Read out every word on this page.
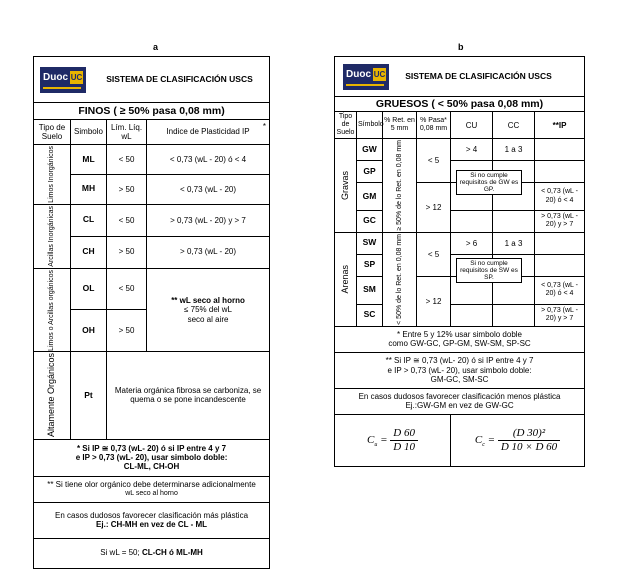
a	b
Duoc UC SISTEMA DE CLASIFICACIÓN USCS			
FINOS ( ≥ 50% pasa 0,08 mm)			
Tipo de Suelo	Simbolo	Lím. Líq. wL	Indice de Plasticidad IP
*

Limos Inorgánicos	ML	< 50	< 0,73 (wL - 20) ó < 4
	MH	> 50	< 0,73 (wL - 20)

Arcillas Inorgánicas	CL	< 50	> 0,73 (wL - 20) y > 7
	CH	> 50	> 0,73 (wL - 20)

Limos o Arcillas orgánicos	OL	< 50	** wL seco al horno
≤ 75% del wL
seco al aire

	OH	> 50	

Altamente Orgánicos	Pt	Materia orgánica fibrosa se carboniza, se quema o se pone incandescente	

* Si IP ≅ 0,73 (wL- 20) ó si IP entre 4 y 7
e IP > 0,73 (wL- 20), usar simbolo doble:
CL-ML, CH-OH			

** Si tiene olor orgánico debe determinarse adicionalmente
wL seco al horno			

En casos dudosos favorecer clasificación más plástica
Ej.: CH-MH en vez de CL - ML			

Si wL = 50; CL-CH ó ML-MH			
Duoc UC SISTEMA DE CLASIFICACIÓN USCS						
GRUESOS ( < 50% pasa 0,08 mm)						
Tipo de Suelo	Símbolo	% Ret. en 5 mm	% Pasa* 0,08 mm	CU	CC	**IP

Gravas	GW	≥ 50% de lo Ret. en 0,08 mm	< 5	> 4	1 a 3	
	GP					
	GM		> 12			< 0,73 (wL - 20) ó < 4
	GC					> 0,73 (wL - 20) y > 7

Arenas	SW	< 50% de lo Ret. en 0,08 mm	< 5	> 6	1 a 3	
	SP					
	SM		> 12			< 0,73 (wL - 20) ó < 4
	SC					> 0,73 (wL - 20) y > 7

* Entre 5 y 12% usar simbolo doble
como GW-GC, GP-GM, SW-SM, SP-SC						

** Si IP ≅ 0,73 (wL- 20) ó si IP entre 4 y 7
e IP > 0,73 (wL- 20), usar simbolo doble:
GM-GC, SM-SC						

En casos dudosos favorecer clasificación menos plástica
Ej.:GW-GM en vez de GW-GC						

$C_u = \frac{D 60}{D 10}$				$C_c = \frac{\text{(D 30)²}}{D 10 \times D 60}$
Si no cumple requisitos de GW es GP.
Si no cumple requisitos de SW es SP.
